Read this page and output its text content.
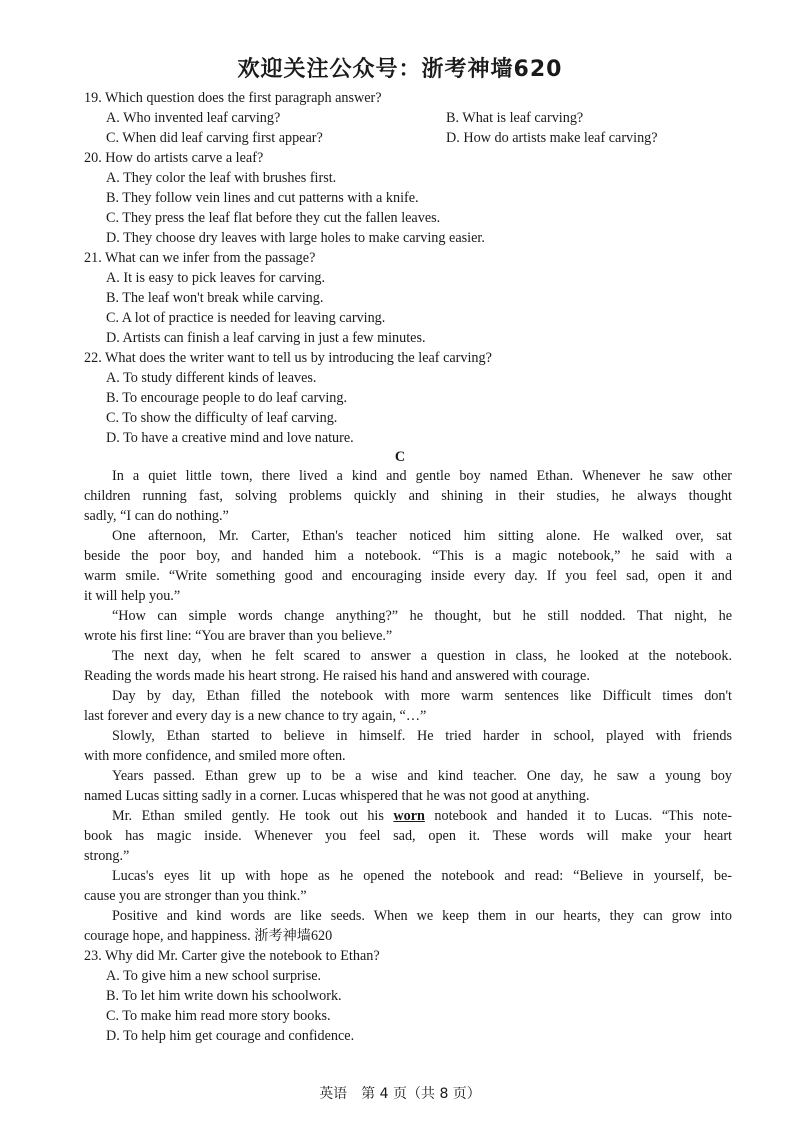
欢迎关注公众号：浙考神墙620
19. Which question does the first paragraph answer?
A. Who invented leaf carving?	B. What is leaf carving?
C. When did leaf carving first appear?	D. How do artists make leaf carving?
20. How do artists carve a leaf?
A. They color the leaf with brushes first.
B. They follow vein lines and cut patterns with a knife.
C. They press the leaf flat before they cut the fallen leaves.
D. They choose dry leaves with large holes to make carving easier.
21. What can we infer from the passage?
A. It is easy to pick leaves for carving.
B. The leaf won't break while carving.
C. A lot of practice is needed for leaving carving.
D. Artists can finish a leaf carving in just a few minutes.
22. What does the writer want to tell us by introducing the leaf carving?
A. To study different kinds of leaves.
B. To encourage people to do leaf carving.
C. To show the difficulty of leaf carving.
D. To have a creative mind and love nature.
C
In a quiet little town, there lived a kind and gentle boy named Ethan. Whenever he saw other
children running fast, solving problems quickly and shining in their studies, he always thought
sadly, “I can do nothing.”
One afternoon, Mr. Carter, Ethan's teacher noticed him sitting alone. He walked over, sat
beside the poor boy, and handed him a notebook. “This is a magic notebook,” he said with a
warm smile. “Write something good and encouraging inside every day. If you feel sad, open it and
it will help you.”
“How can simple words change anything?” he thought, but he still nodded. That night, he
wrote his first line: “You are braver than you believe.”
The next day, when he felt scared to answer a question in class, he looked at the notebook.
Reading the words made his heart strong. He raised his hand and answered with courage.
Day by day, Ethan filled the notebook with more warm sentences like Difficult times don't
last forever and every day is a new chance to try again, “…”
Slowly, Ethan started to believe in himself. He tried harder in school, played with friends
with more confidence, and smiled more often.
Years passed. Ethan grew up to be a wise and kind teacher. One day, he saw a young boy
named Lucas sitting sadly in a corner. Lucas whispered that he was not good at anything.
Mr. Ethan smiled gently. He took out his worn notebook and handed it to Lucas. “This note-
book has magic inside. Whenever you feel sad, open it. These words will make your heart
strong.”
Lucas's eyes lit up with hope as he opened the notebook and read: “Believe in yourself, be-
cause you are stronger than you think.”
Positive and kind words are like seeds. When we keep them in our hearts, they can grow into
courage hope, and happiness. 浙考神墙620
23. Why did Mr. Carter give the notebook to Ethan?
A. To give him a new school surprise.
B. To let him write down his schoolwork.
C. To make him read more story books.
D. To help him get courage and confidence.
英语　第 4 页（共 8 页）
